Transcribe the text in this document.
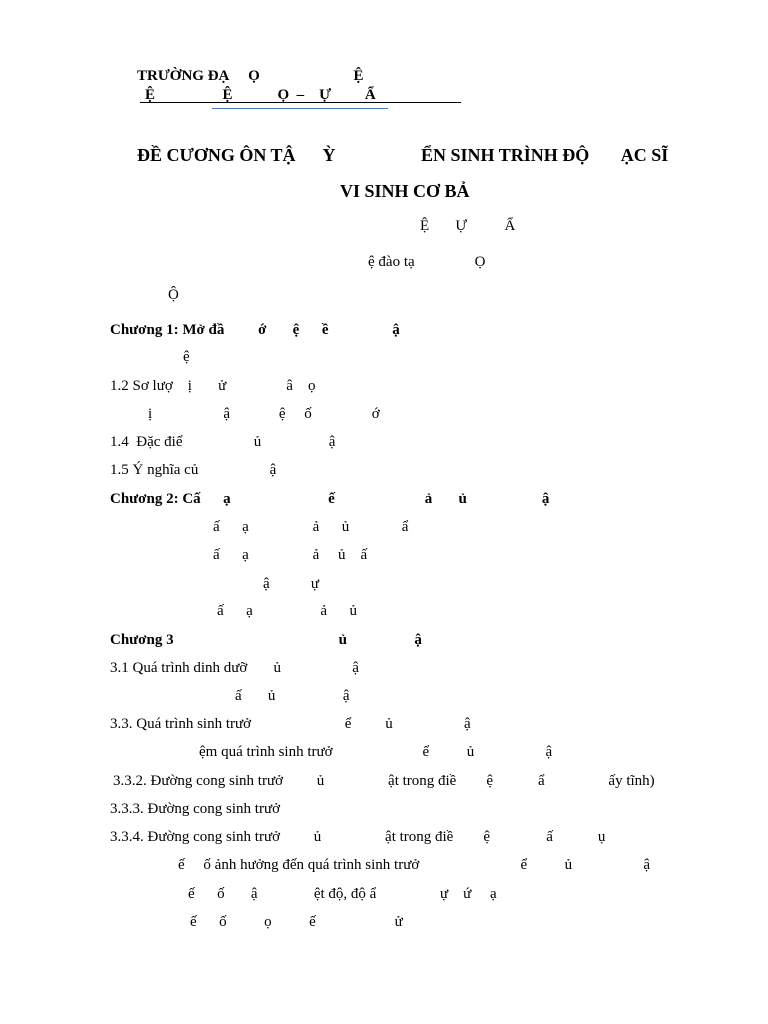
TRƯỜNG ĐẠ     Ọ                         Ệ
Ệ                  Ệ            Ọ  –    Ự         Ẩ
ĐỀ CƯƠNG ÔN TẬ      Ỳ                   ỂN SINH TRÌNH ĐỘ       ẠC SĨ
VI SINH CƠ BẢ
Ệ       Ự          Ẩ
ệ đào tạ                Ọ
Ộ
Chương 1: Mở đầ         ớ       ệ      ề                 ậ
ệ
1.2 Sơ lượ    ị       ử                â    ọ
ị                   ậ             ệ     ố                ớ
1.4  Đặc điể                   ủ                  ậ
1.5 Ý nghĩa củ                   ậ
Chương 2: Cấ      ạ                          ế                        ả       ủ                    ậ
ấ      ạ                 ả      ủ              ẩ
ấ      ạ                 ả     ủ    ấ
ậ           ự
ấ      ạ                  ả      ủ
Chương 3                                            ủ                  ậ
3.1 Quá trình dinh dưỡ       ủ                   ậ
ấ       ủ                  ậ
3.3. Quá trình sinh trưở                         ể         ủ                   ậ
ệm quá trình sinh trưở                        ể          ủ                   ậ
3.3.2. Đường cong sinh trưở         ủ                 ật trong điề        ệ            ẩ                 ấy tĩnh)
3.3.3. Đường cong sinh trưở
3.3.4. Đường cong sinh trưở         ủ                 ật trong điề        ệ               ấ            ụ
ế     ố ảnh hưởng đến quá trình sinh trưở                           ể          ủ                   ậ
ế      ố       ậ               ệt độ, độ ẩ                 ự    ứ     ạ
ế      ố          ọ          ế                     ử
